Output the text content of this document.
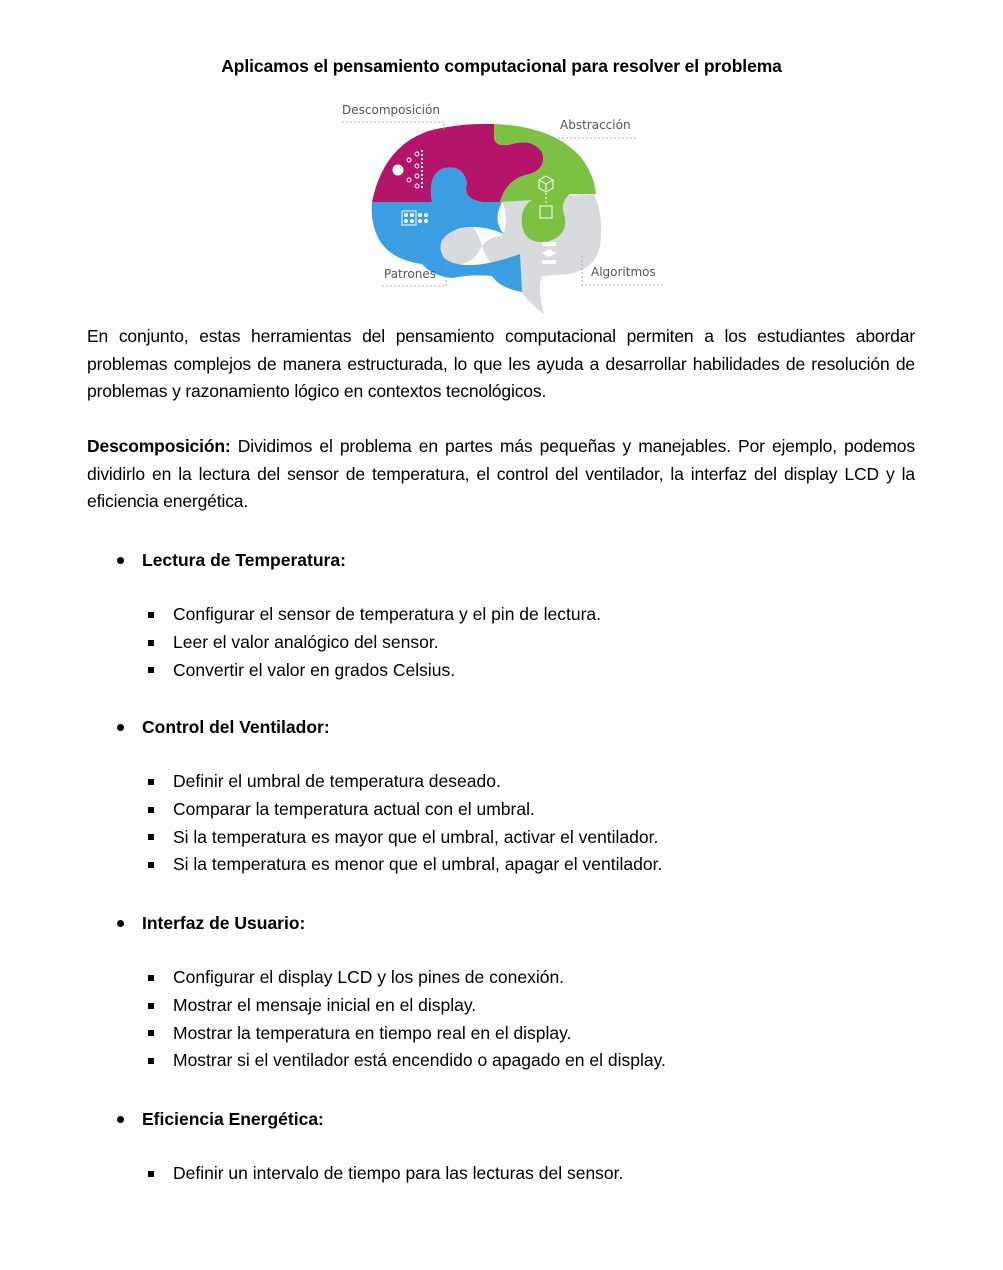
Aplicamos el pensamiento computacional para resolver el problema
Descomposición
Abstracción
Patrones	Algoritmos
En conjunto, estas herramientas del pensamiento computacional permiten a los estudiantes abordar problemas complejos de manera estructurada, lo que les ayuda a desarrollar habilidades de resolución de problemas y razonamiento lógico en contextos tecnológicos.
Descomposición: Dividimos el problema en partes más pequeñas y manejables. Por ejemplo, podemos dividirlo en la lectura del sensor de temperatura, el control del ventilador, la interfaz del display LCD y la eficiencia energética.
Lectura de Temperatura:
Configurar el sensor de temperatura y el pin de lectura.
Leer el valor analógico del sensor.
Convertir el valor en grados Celsius.
Control del Ventilador:
Definir el umbral de temperatura deseado.
Comparar la temperatura actual con el umbral.
Si la temperatura es mayor que el umbral, activar el ventilador.
Si la temperatura es menor que el umbral, apagar el ventilador.
Interfaz de Usuario:
Configurar el display LCD y los pines de conexión.
Mostrar el mensaje inicial en el display.
Mostrar la temperatura en tiempo real en el display.
Mostrar si el ventilador está encendido o apagado en el display.
Eficiencia Energética:
Definir un intervalo de tiempo para las lecturas del sensor.
